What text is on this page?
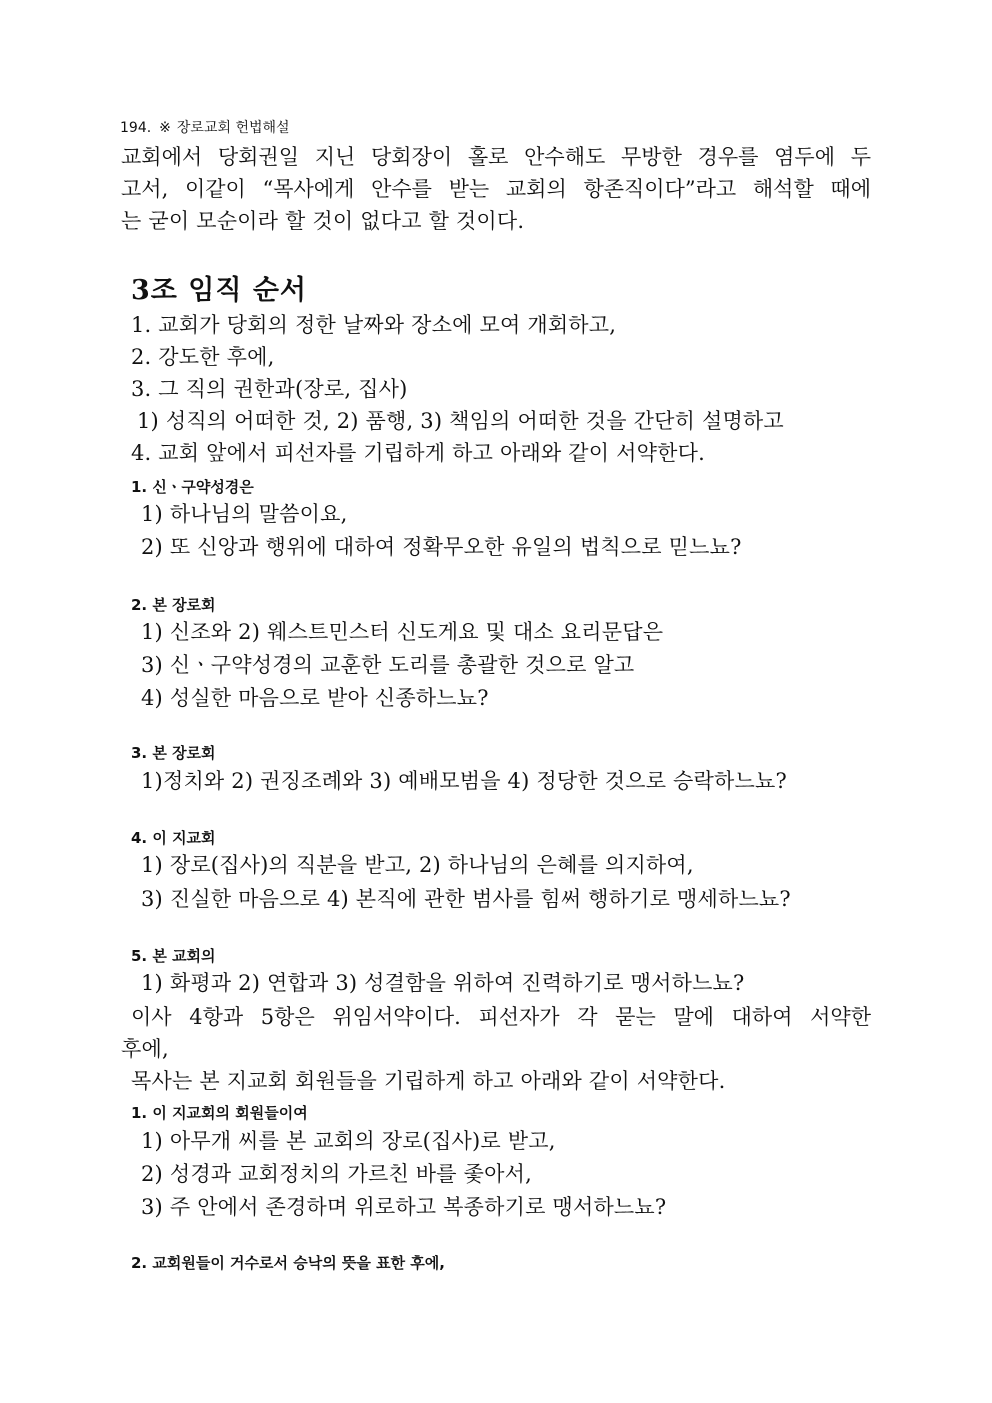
194. ※ 장로교회 헌법해설
교회에서 당회권일 지닌 당회장이 홀로 안수해도 무방한 경우를 염두에 두
고서, 이같이 “목사에게 안수를 받는 교회의 항존직이다”라고 해석할 때에
는 굳이 모순이라 할 것이 없다고 할 것이다.
3조 임직 순서
1. 교회가 당회의 정한 날짜와 장소에 모여 개회하고,
2. 강도한 후에,
3. 그 직의 권한과(장로, 집사)
1) 성직의 어떠한 것, 2) 품행, 3) 책임의 어떠한 것을 간단히 설명하고
4. 교회 앞에서 피선자를 기립하게 하고 아래와 같이 서약한다.
1. 신ㆍ구약성경은
1) 하나님의 말씀이요,
2) 또 신앙과 행위에 대하여 정확무오한 유일의 법칙으로 믿느뇨?
2. 본 장로회
1) 신조와 2) 웨스트민스터 신도게요 및 대소 요리문답은
3) 신ㆍ구약성경의 교훈한 도리를 총괄한 것으로 알고
4) 성실한 마음으로 받아 신종하느뇨?
3. 본 장로회
1)정치와 2) 권징조례와 3) 예배모범을 4) 정당한 것으로 승락하느뇨?
4. 이 지교회
1) 장로(집사)의 직분을 받고, 2) 하나님의 은혜를 의지하여,
3) 진실한 마음으로 4) 본직에 관한 범사를 힘써 행하기로 맹세하느뇨?
5. 본 교회의
1) 화평과 2) 연합과 3) 성결함을 위하여 진력하기로 맹서하느뇨?
이사 4항과 5항은 위임서약이다. 피선자가 각 묻는 말에 대하여 서약한
후에,
목사는 본 지교회 회원들을 기립하게 하고 아래와 같이 서약한다.
1. 이 지교회의 회원들이여
1) 아무개 씨를 본 교회의 장로(집사)로 받고,
2) 성경과 교회정치의 가르친 바를 좇아서,
3) 주 안에서 존경하며 위로하고 복종하기로 맹서하느뇨?
2. 교회원들이 거수로서 승낙의 뜻을 표한 후에,
